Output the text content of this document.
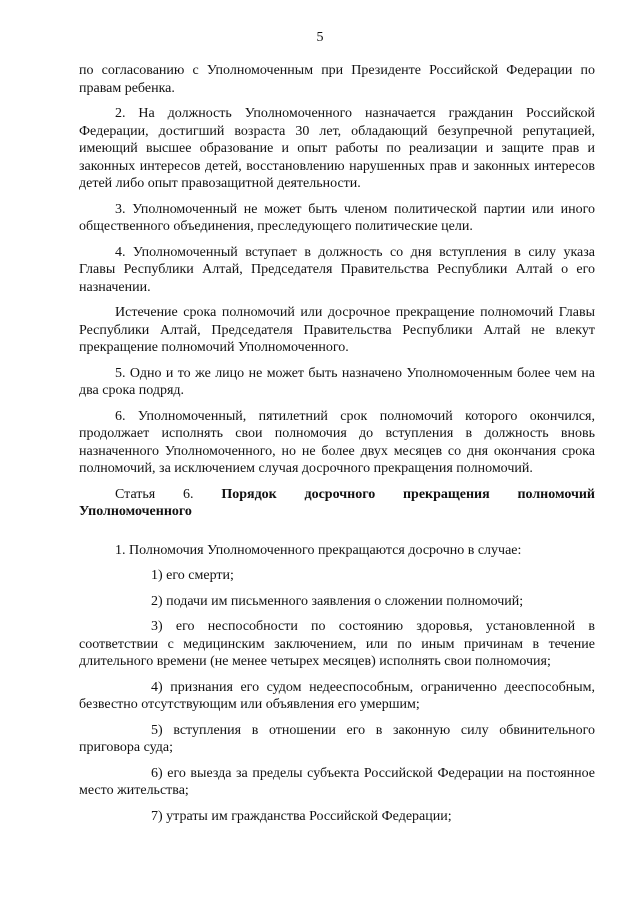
5

по согласованию с Уполномоченным при Президенте Российской Федерации по правам ребенка.

2. На должность Уполномоченного назначается гражданин Российской Федерации, достигший возраста 30 лет, обладающий безупречной репутацией, имеющий высшее образование и опыт работы по реализации и защите прав и законных интересов детей, восстановлению нарушенных прав и законных интересов детей либо опыт правозащитной деятельности.

3. Уполномоченный не может быть членом политической партии или иного общественного объединения, преследующего политические цели.

4. Уполномоченный вступает в должность со дня вступления в силу указа Главы Республики Алтай, Председателя Правительства Республики Алтай о его назначении.

Истечение срока полномочий или досрочное прекращение полномочий Главы Республики Алтай, Председателя Правительства Республики Алтай не влекут прекращение полномочий Уполномоченного.

5. Одно и то же лицо не может быть назначено Уполномоченным более чем на два срока подряд.

6. Уполномоченный, пятилетний срок полномочий которого окончился, продолжает исполнять свои полномочия до вступления в должность вновь назначенного Уполномоченного, но не более двух месяцев со дня окончания срока полномочий, за исключением случая досрочного прекращения полномочий.

Статья 6. Порядок досрочного прекращения полномочий

Уполномоченного

1. Полномочия Уполномоченного прекращаются досрочно в случае:

1) его смерти;

2) подачи им письменного заявления о сложении полномочий;

3) его неспособности по состоянию здоровья, установленной в соответствии с медицинским заключением, или по иным причинам в течение длительного времени (не менее четырех месяцев) исполнять свои полномочия;

4) признания его судом недееспособным, ограниченно дееспособным, безвестно отсутствующим или объявления его умершим;

5) вступления в отношении его в законную силу обвинительного приговора суда;

6) его выезда за пределы субъекта Российской Федерации на постоянное место жительства;

7) утраты им гражданства Российской Федерации;
